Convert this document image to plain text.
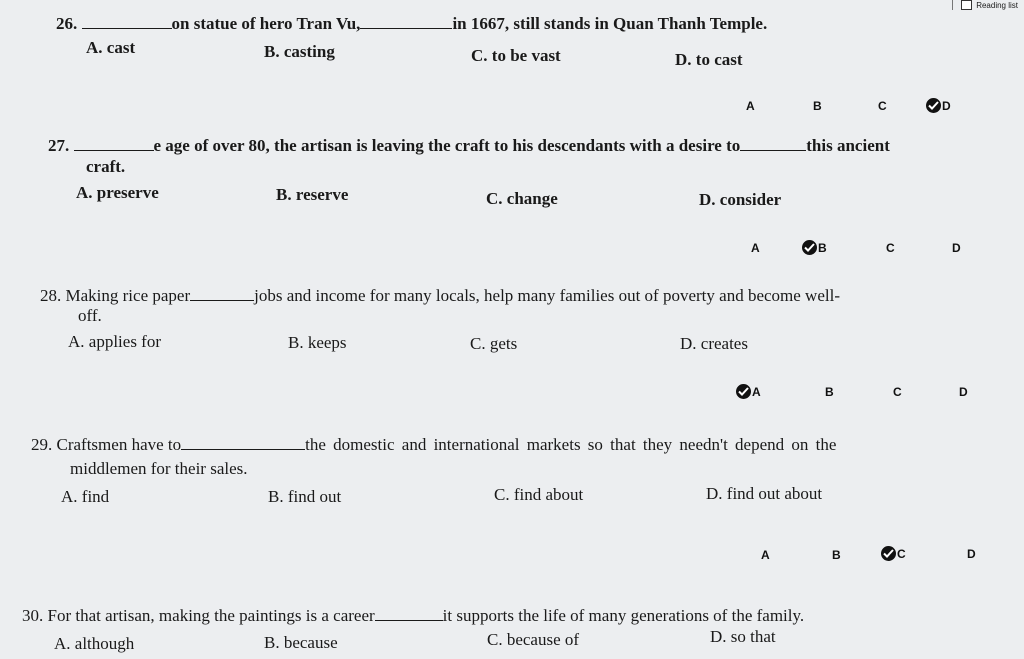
Reading list
26.	on statue of hero Tran Vu,	in 1667, still stands in Quan Thanh Temple.
A. cast	B. casting	C. to be vast	D. to cast
A	B	C	D
27.	e age of over 80, the artisan is leaving the craft to his descendants with a desire to	this ancient
craft.
A. preserve	B. reserve	C. change	D. consider
A	B	C	D
28. Making rice paper	jobs and income for many locals, help many families out of poverty and become well-
off.
A. applies for	B. keeps	C. gets	D. creates
A	B	C	D
29. Craftsmen have to	the domestic and international markets so that they needn't depend on the
middlemen for their sales.
A. find	B. find out	C. find about	D. find out about
A	B	C	D
30. For that artisan, making the paintings is a career	it supports the life of many generations of the family.
A. although	B. because	C. because of	D. so that
